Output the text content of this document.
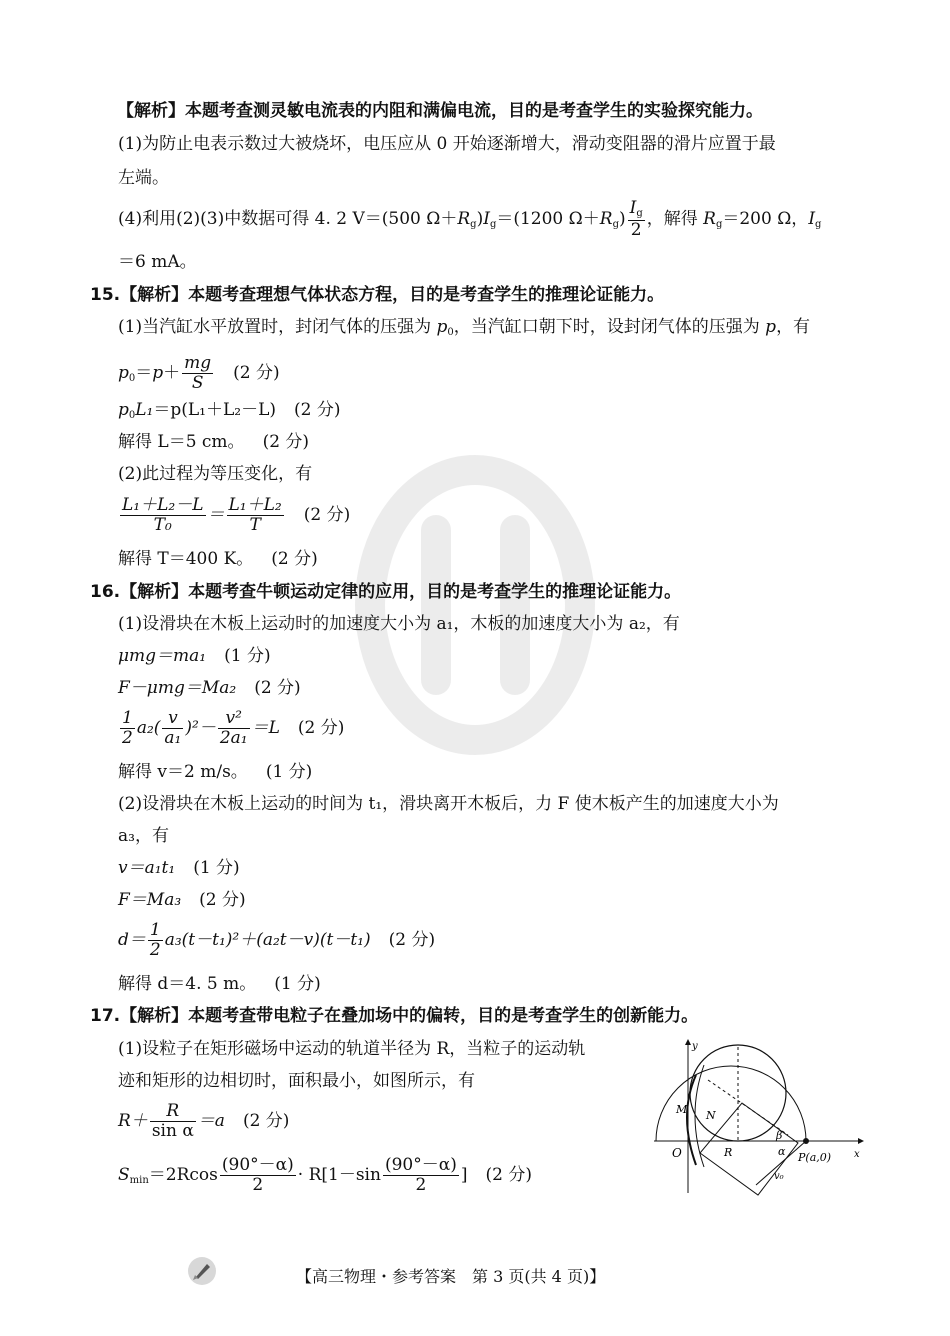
【解析】本题考查测灵敏电流表的内阻和满偏电流，目的是考查学生的实验探究能力。
(1)为防止电表示数过大被烧坏，电压应从 0 开始逐渐增大，滑动变阻器的滑片应置于最
左端。
(4)利用(2)(3)中数据可得 4. 2 V＝(500 $\Omega+R_g)I_g=(1200$ $\Omega+R_g) \frac{I_g}{2}$ ，解得 $R_g=200$ Ω，$I_g$
＝6 mA。
15.【解析】本题考查理想气体状态方程，目的是考查学生的推理论证能力。
(1)当汽缸水平放置时，封闭气体的压强为 $p_0$，当汽缸口朝下时，设封闭气体的压强为 p，有
$p_0=p+ \frac{mg}{S} (2$ 分)
$p_0L_1=p(L_1+L_2-L)$ (2 分)
解得 L＝5 cm。 (2 分)
(2)此过程为等压变化，有
$\frac{\text{L₁＋L₂－L}}{\text{T₀}} = \frac{\text{L₁＋L₂}}{T} (2$ 分)
解得 T＝400 K。 (2 分)
16.【解析】本题考查牛顿运动定律的应用，目的是考查学生的推理论证能力。
(1)设滑块在木板上运动时的加速度大小为 a₁，木板的加速度大小为 a₂，有
μmg＝ma₁ (1 分)
F－μmg＝Ma₂ (2 分)
$\frac{1}{2} a_2( \frac{v}{\text{a₁}} )^2- \frac{\text{v²}}{\text{2a₁}} =L$ (2 分)
解得 v＝2 m/s。 (1 分)
(2)设滑块在木板上运动的时间为 t₁，滑块离开木板后，力 F 使木板产生的加速度大小为
a₃，有
v＝a₁t₁ (1 分)
F＝Ma₃ (2 分)
$d= \frac{1}{2} a_3(t-t_1)^2+(a_2t-v)(t-t_1)$ (2 分)
解得 d＝4. 5 m。 (1 分)
17.【解析】本题考查带电粒子在叠加场中的偏转，目的是考查学生的创新能力。
(1)设粒子在矩形磁场中运动的轨道半径为 R，当粒子的运动轨
迹和矩形的边相切时，面积最小，如图所示，有
$R+ \frac{R}{\text{sin α}} =a$ (2 分)
$S_{min}=2Rcos \frac{(90^\circ-\alpha)}{2} \cdot R[1-\sin \frac{(90^\circ-\alpha)}{2}$ ] (2 分)
y
x
O
M N
R
β
α P(a,0)
v₀
【高三物理・参考答案　第 3 页(共 4 页)】
